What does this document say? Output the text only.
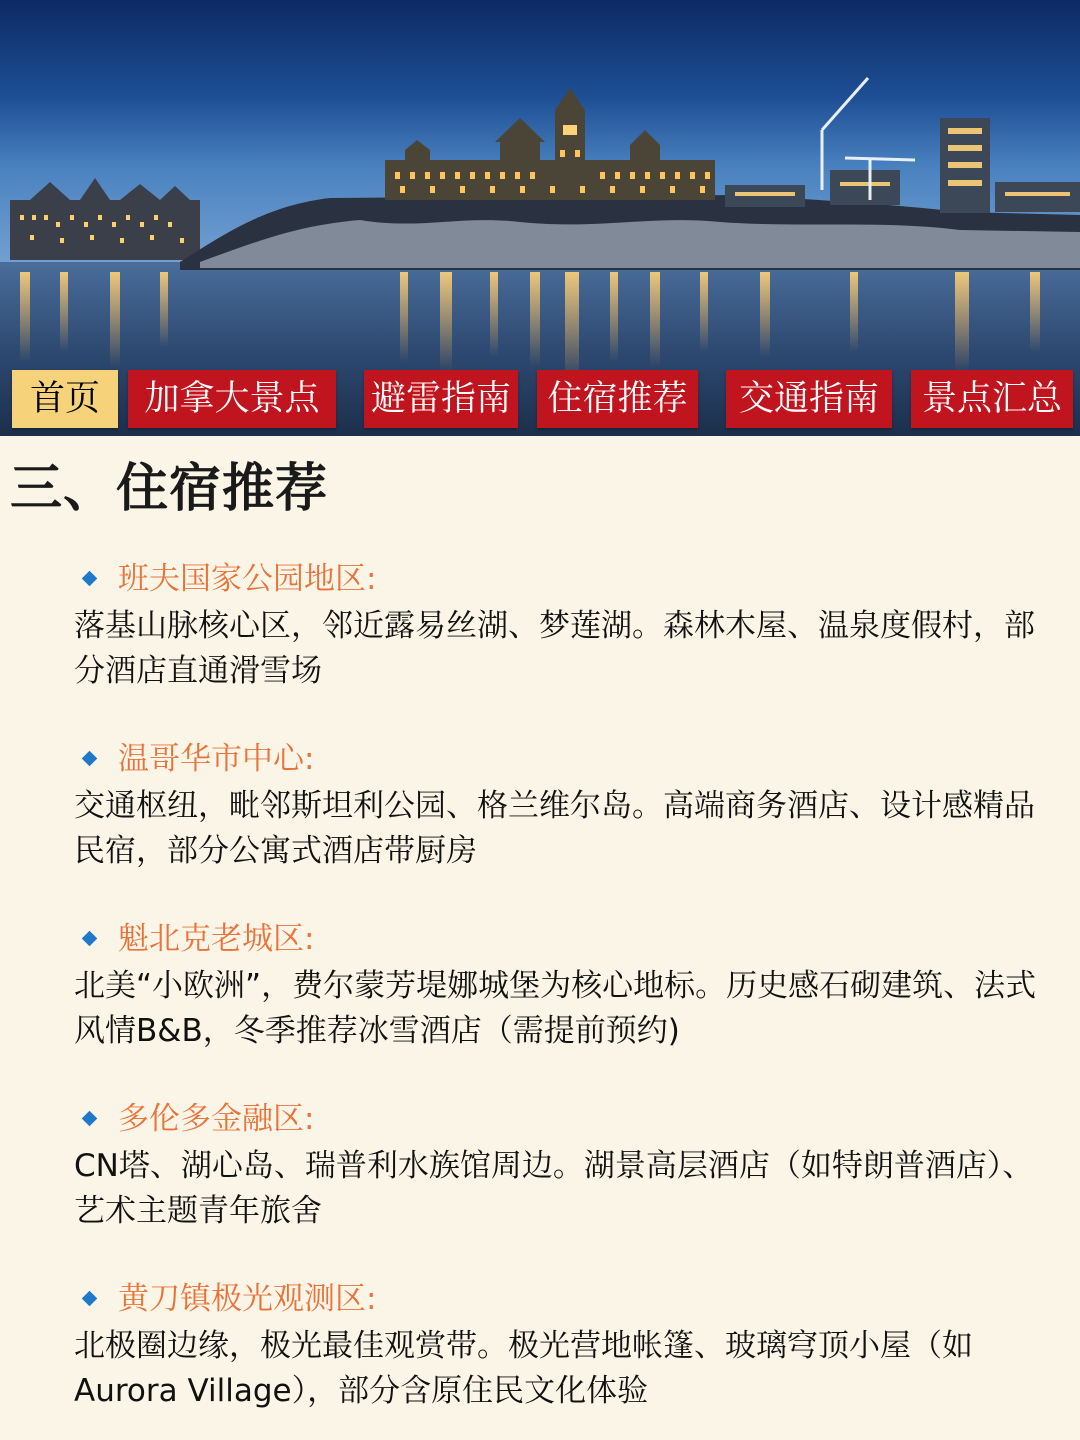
首页	加拿大景点	避雷指南 住宿推荐	交通指南	景点汇总
三、住宿推荐
班夫国家公园地区:
落基山脉核心区，邻近露易丝湖、梦莲湖。森林木屋、温泉度假村，部分酒店直通滑雪场
温哥华市中心:
交通枢纽，毗邻斯坦利公园、格兰维尔岛。高端商务酒店、设计感精品民宿，部分公寓式酒店带厨房
魁北克老城区:
北美“小欧洲”，费尔蒙芳堤娜城堡为核心地标。历史感石砌建筑、法式风情B&B，冬季推荐冰雪酒店（需提前预约)
多伦多金融区:
CN塔、湖心岛、瑞普利水族馆周边。湖景高层酒店（如特朗普酒店）、艺术主题青年旅舍
黄刀镇极光观测区:
北极圈边缘，极光最佳观赏带。极光营地帐篷、玻璃穹顶小屋（如Aurora Village），部分含原住民文化体验
